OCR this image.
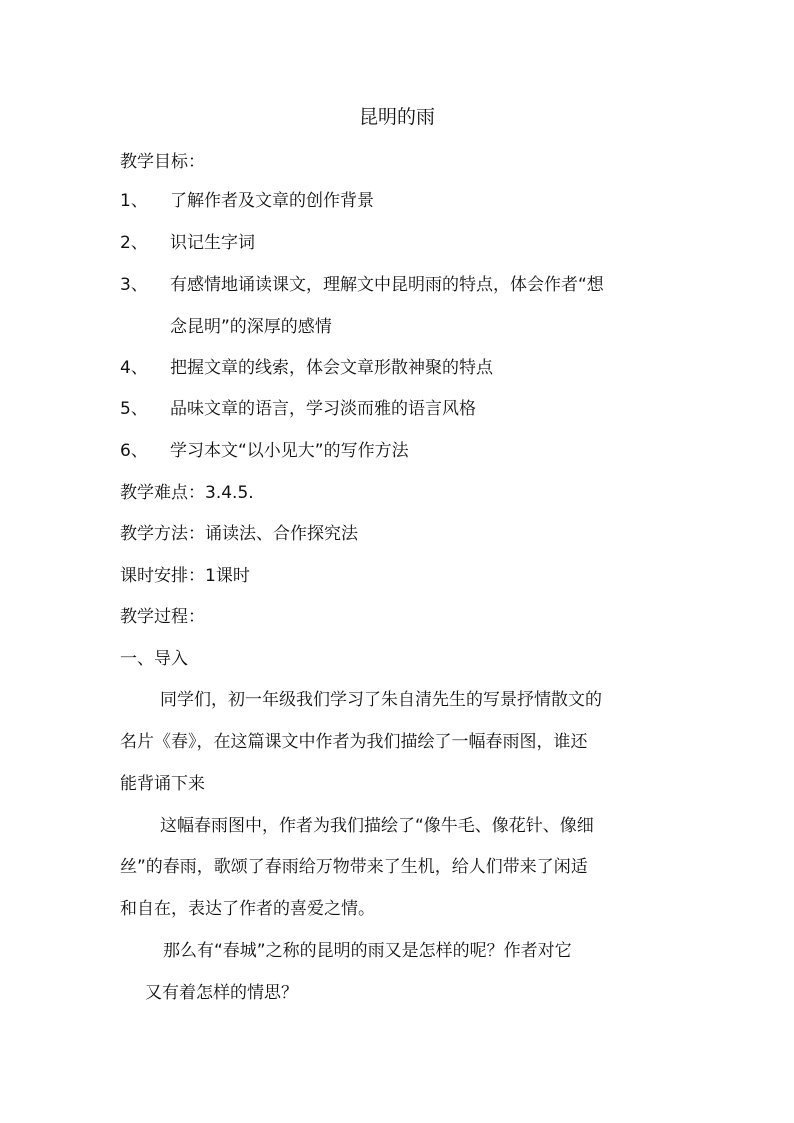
昆明的雨
教学目标：
1、 了解作者及文章的创作背景
2、 识记生字词
3、 有感情地诵读课文，理解文中昆明雨的特点，体会作者“想
念昆明”的深厚的感情
4、 把握文章的线索，体会文章形散神聚的特点
5、 品味文章的语言，学习淡而雅的语言风格
6、 学习本文“以小见大”的写作方法
教学难点：3.4.5.
教学方法：诵读法、合作探究法
课时安排：1课时
教学过程：
一、导入
同学们，初一年级我们学习了朱自清先生的写景抒情散文的
名片《春》，在这篇课文中作者为我们描绘了一幅春雨图，谁还
能背诵下来
这幅春雨图中，作者为我们描绘了“像牛毛、像花针、像细
丝”的春雨，歌颂了春雨给万物带来了生机，给人们带来了闲适
和自在，表达了作者的喜爱之情。
那么有“春城”之称的昆明的雨又是怎样的呢？作者对它
又有着怎样的情思？
